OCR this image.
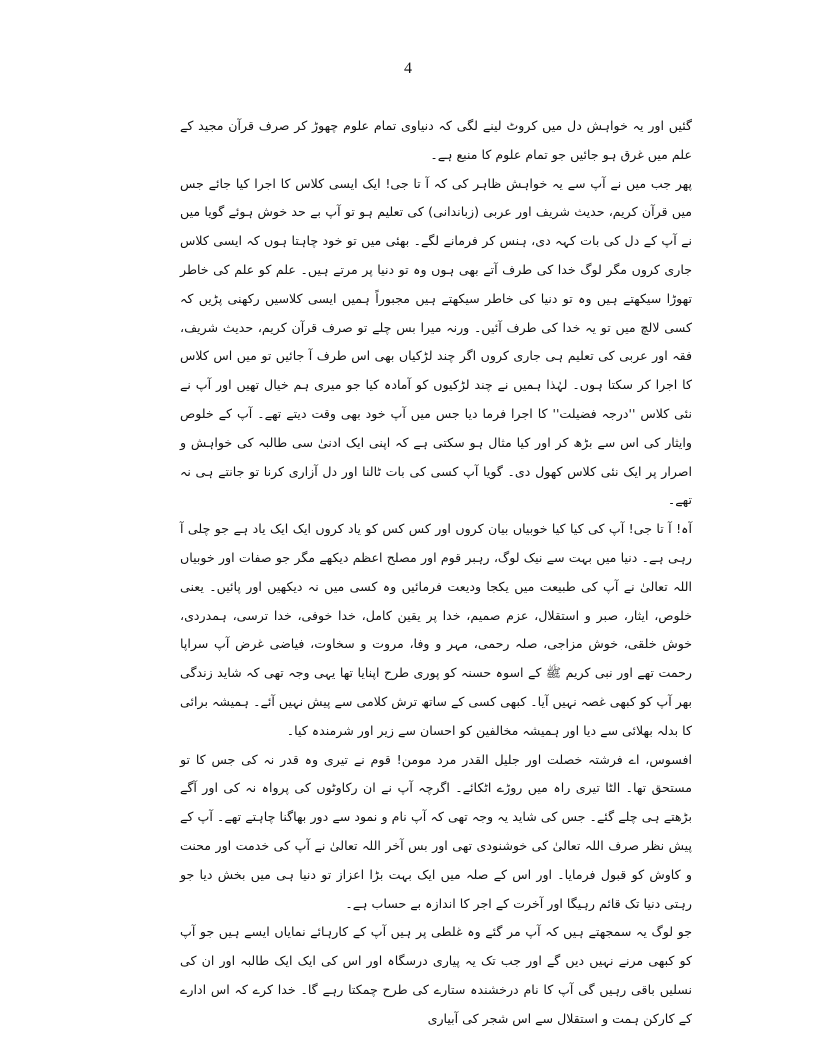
4

گئیں اور یہ خواہش دل میں کروٹ لینے لگی کہ دنیاوی تمام علوم چھوڑ کر صرف قرآن مجید کے علم میں غرق ہو جائیں جو تمام علوم کا منبع ہے۔

پھر جب میں نے آپ سے یہ خواہش ظاہر کی کہ آ تا جی! ایک ایسی کلاس کا اجرا کیا جائے جس میں قرآن کریم، حدیث شریف اور عربی (زباندانی) کی تعلیم ہو تو آپ بے حد خوش ہوئے گویا میں نے آپ کے دل کی بات کہہ دی، ہنس کر فرمانے لگے۔ بھئی میں تو خود چاہتا ہوں کہ ایسی کلاس جاری کروں مگر لوگ خدا کی طرف آتے بھی ہوں وہ تو دنیا پر مرتے ہیں۔ علم کو علم کی خاطر تھوڑا سیکھتے ہیں وہ تو دنیا کی خاطر سیکھتے ہیں مجبوراً ہمیں ایسی کلاسیں رکھنی پڑیں کہ کسی لالچ میں تو یہ خدا کی طرف آئیں۔ ورنہ میرا بس چلے تو صرف قرآن کریم، حدیث شریف، فقہ اور عربی کی تعلیم ہی جاری کروں اگر چند لڑکیاں بھی اس طرف آ جائیں تو میں اس کلاس کا اجرا کر سکتا ہوں۔ لہٰذا ہمیں نے چند لڑکیوں کو آمادہ کیا جو میری ہم خیال تھیں اور آپ نے نئی کلاس ''درجہ فضیلت'' کا اجرا فرما دیا جس میں آپ خود بھی وقت دیتے تھے۔ آپ کے خلوص وایثار کی اس سے بڑھ کر اور کیا مثال ہو سکتی ہے کہ اپنی ایک ادنیٰ سی طالبہ کی خواہش و اصرار پر ایک نئی کلاس کھول دی۔ گویا آپ کسی کی بات ٹالنا اور دل آزاری کرنا تو جانتے ہی نہ تھے۔

آہ! آ تا جی! آپ کی کیا کیا خوبیاں بیان کروں اور کس کس کو یاد کروں ایک ایک یاد ہے جو چلی آ رہی ہے۔ دنیا میں بہت سے نیک لوگ، رہبر قوم اور مصلح اعظم دیکھے مگر جو صفات اور خوبیاں اللہ تعالیٰ نے آپ کی طبیعت میں یکجا ودیعت فرمائیں وہ کسی میں نہ دیکھیں اور پائیں۔ یعنی خلوص، ایثار، صبر و استقلال، عزم صمیم، خدا پر یقین کامل، خدا خوفی، خدا ترسی، ہمدردی، خوش خلقی، خوش مزاجی، صلہ رحمی، مہر و وفا، مروت و سخاوت، فیاضی غرض آپ سراپا رحمت تھے اور نبی کریم ﷺ کے اسوہ حسنہ کو پوری طرح اپنایا تھا یہی وجہ تھی کہ شاید زندگی بھر آپ کو کبھی غصہ نہیں آیا۔ کبھی کسی کے ساتھ ترش کلامی سے پیش نہیں آئے۔ ہمیشہ برائی کا بدلہ بھلائی سے دیا اور ہمیشہ مخالفین کو احسان سے زیر اور شرمندہ کیا۔

افسوس، اے فرشتہ خصلت اور جلیل القدر مرد مومن! قوم نے تیری وہ قدر نہ کی جس کا تو مستحق تھا۔ الٹا تیری راہ میں روڑے اٹکائے۔ اگرچہ آپ نے ان رکاوٹوں کی پرواہ نہ کی اور آگے بڑھتے ہی چلے گئے۔ جس کی شاید یہ وجہ تھی کہ آپ نام و نمود سے دور بھاگنا چاہتے تھے۔ آپ کے پیش نظر صرف اللہ تعالیٰ کی خوشنودی تھی اور بس آخر اللہ تعالیٰ نے آپ کی خدمت اور محنت و کاوش کو قبول فرمایا۔ اور اس کے صلہ میں ایک بہت بڑا اعزاز تو دنیا ہی میں بخش دیا جو رہتی دنیا تک قائم رہیگا اور آخرت کے اجر کا اندازہ بے حساب ہے۔

جو لوگ یہ سمجھتے ہیں کہ آپ مر گئے وہ غلطی پر ہیں آپ کے کارہائے نمایاں ایسے ہیں جو آپ کو کبھی مرنے نہیں دیں گے اور جب تک یہ پیاری درسگاہ اور اس کی ایک ایک طالبہ اور ان کی نسلیں باقی رہیں گی آپ کا نام درخشندہ ستارے کی طرح چمکتا رہے گا۔ خدا کرے کہ اس ادارے کے کارکن ہمت و استقلال سے اس شجر کی آبیاری
